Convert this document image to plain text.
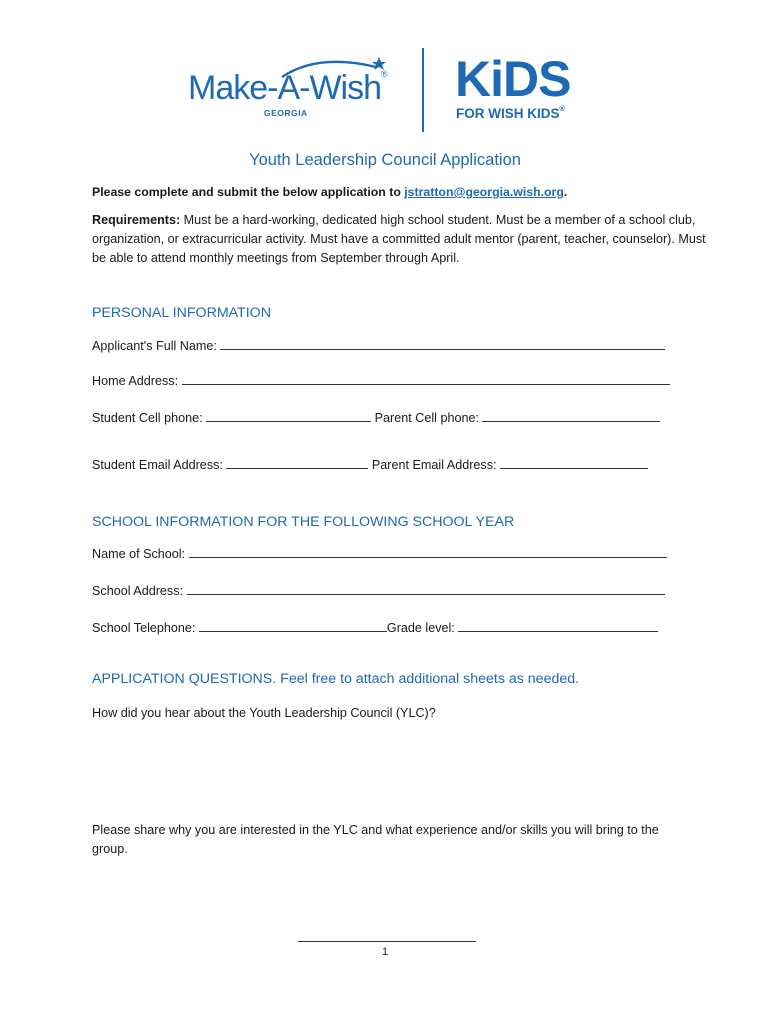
Make-A-Wish®
GEORGIA
KiDS
FOR WISH KIDS®
Youth Leadership Council Application
Please complete and submit the below application to jstratton@georgia.wish.org.
Requirements: Must be a hard-working, dedicated high school student. Must be a member of a school club, organization, or extracurricular activity. Must have a committed adult mentor (parent, teacher, counselor). Must be able to attend monthly meetings from September through April.
PERSONAL INFORMATION
Applicant's Full Name:
Home Address:
Student Cell phone:	Parent Cell phone:
Student Email Address:	Parent Email Address:
SCHOOL INFORMATION FOR THE FOLLOWING SCHOOL YEAR
Name of School:
School Address:
School Telephone:	Grade level:
APPLICATION QUESTIONS. Feel free to attach additional sheets as needed.
How did you hear about the Youth Leadership Council (YLC)?
Please share why you are interested in the YLC and what experience and/or skills you will bring to the group.
1
